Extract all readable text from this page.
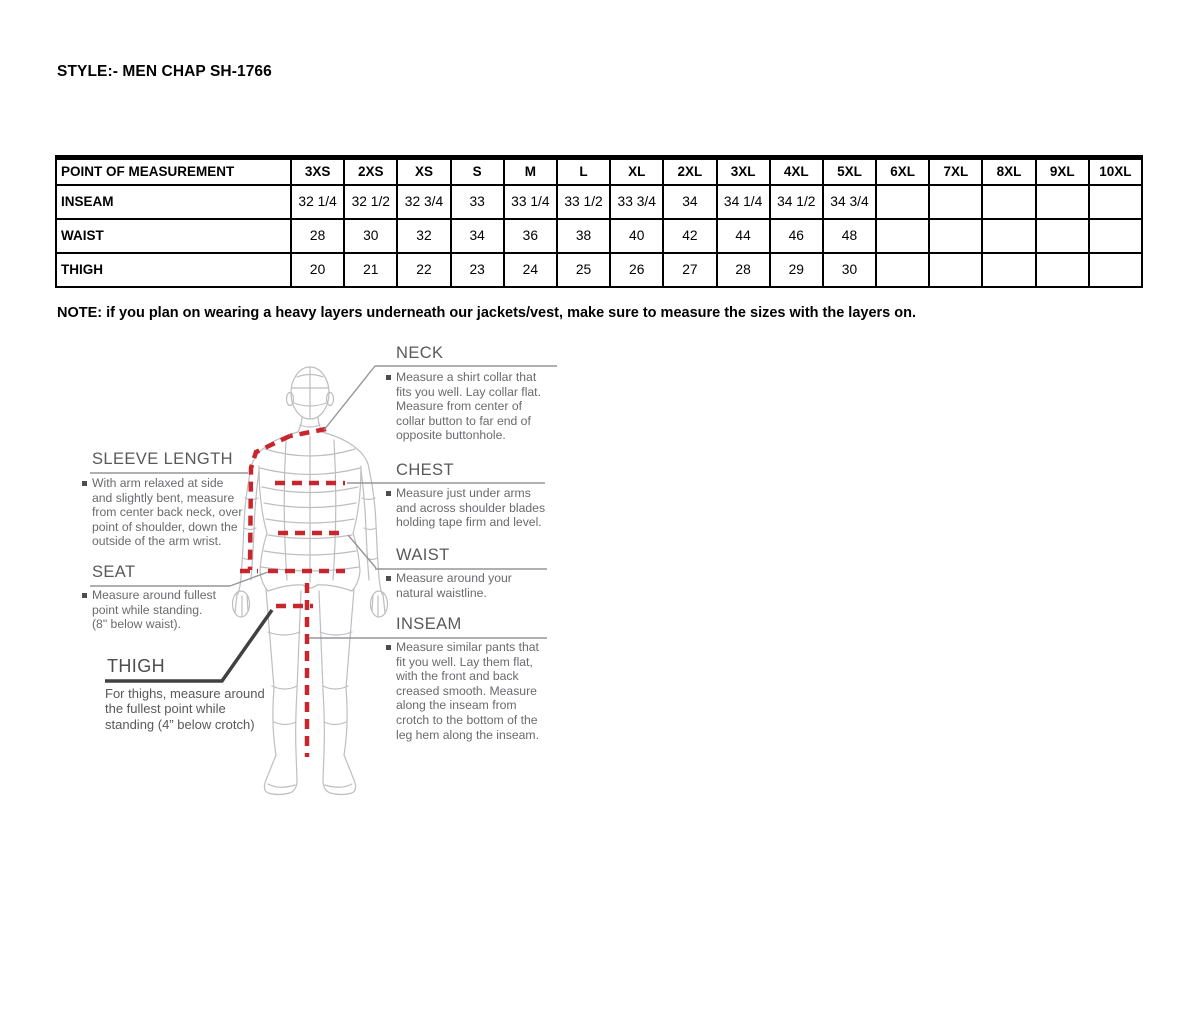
STYLE:- MEN CHAP SH-1766
POINT OF MEASUREMENT	3XS	2XS	XS	S	M	L	XL	2XL	3XL	4XL	5XL	6XL	7XL	8XL	9XL	10XL
INSEAM	32 1/4	32 1/2	32 3/4	33	33 1/4	33 1/2	33 3/4	34	34 1/4	34 1/2	34 3/4					
WAIST	28	30	32	34	36	38	40	42	44	46	48					
THIGH	20	21	22	23	24	25	26	27	28	29	30					
NOTE: if you plan on wearing a heavy layers underneath our jackets/vest, make sure to measure the sizes with the layers on.
NECK
Measure a shirt collar that
fits you well. Lay collar flat.
Measure from center of
collar button to far end of
opposite buttonhole.
CHEST
Measure just under arms
and across shoulder blades
holding tape firm and level.
WAIST
Measure around your
natural waistline.
INSEAM
Measure similar pants that
fit you well. Lay them flat,
with the front and back
creased smooth. Measure
along the inseam from
crotch to the bottom of the
leg hem along the inseam.
SLEEVE LENGTH
With arm relaxed at side
and slightly bent, measure
from center back neck, over
point of shoulder, down the
outside of the arm wrist.
SEAT
Measure around fullest
point while standing.
(8" below waist).
THIGH
For thighs, measure around
the fullest point while
standing (4” below crotch)
